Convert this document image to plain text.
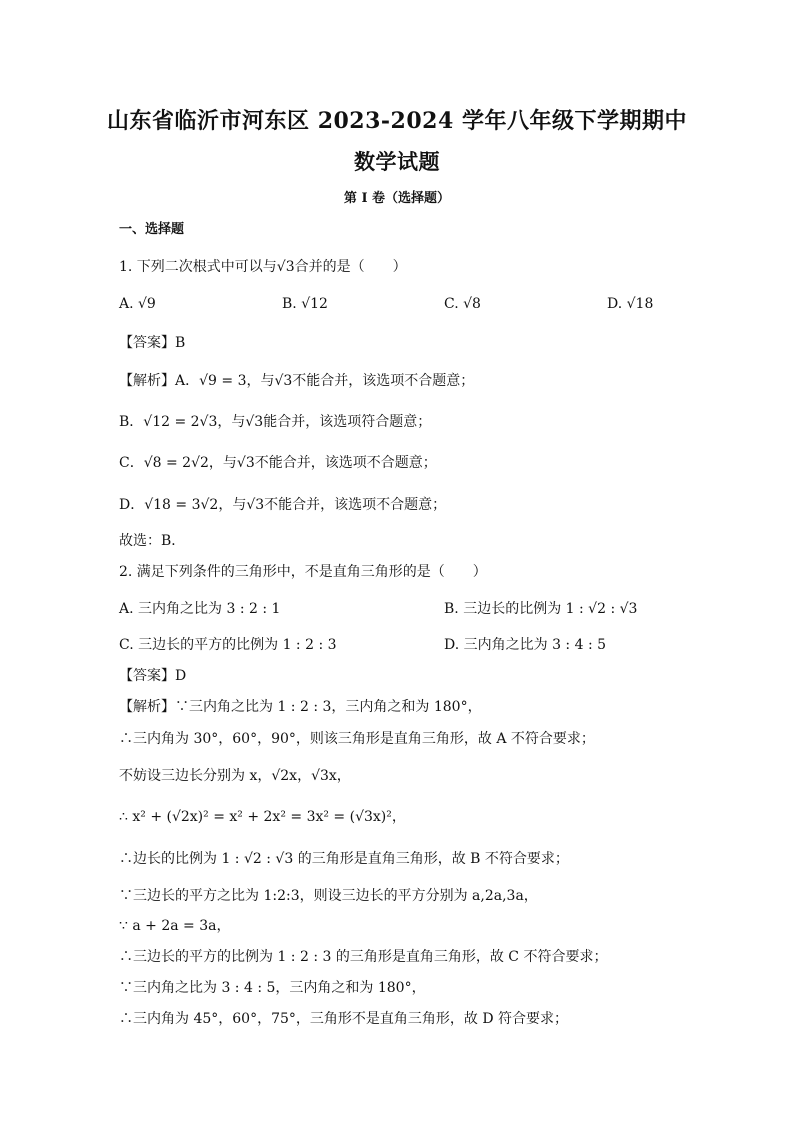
山东省临沂市河东区 2023-2024 学年八年级下学期期中
数学试题
第 I 卷（选择题）
一、选择题
1. 下列二次根式中可以与√3合并的是（　　）
A. √9	B. √12	C. √8	D. √18
【答案】B
【解析】A．√9 = 3，与√3不能合并，该选项不合题意；
B．√12 = 2√3，与√3能合并，该选项符合题意；
C．√8 = 2√2，与√3不能合并，该选项不合题意；
D．√18 = 3√2，与√3不能合并，该选项不合题意；
故选：B．
2. 满足下列条件的三角形中，不是直角三角形的是（　　）
A. 三内角之比为 3 : 2 : 1	B. 三边长的比例为 1 : √2 : √3
C. 三边长的平方的比例为 1 : 2 : 3	D. 三内角之比为 3 : 4 : 5
【答案】D
【解析】∵三内角之比为 1 : 2 : 3，三内角之和为 180°，
∴三内角为 30°，60°，90°，则该三角形是直角三角形，故 A 不符合要求；
不妨设三边长分别为 x，√2x，√3x，
∴ x² + (√2x)² = x² + 2x² = 3x² = (√3x)²，
∴边长的比例为 1 : √2 : √3 的三角形是直角三角形，故 B 不符合要求；
∵三边长的平方之比为 1:2:3，则设三边长的平方分别为 a,2a,3a，
∵ a + 2a = 3a，
∴三边长的平方的比例为 1 : 2 : 3 的三角形是直角三角形，故 C 不符合要求；
∵三内角之比为 3 : 4 : 5，三内角之和为 180°，
∴三内角为 45°，60°，75°，三角形不是直角三角形，故 D 符合要求；
